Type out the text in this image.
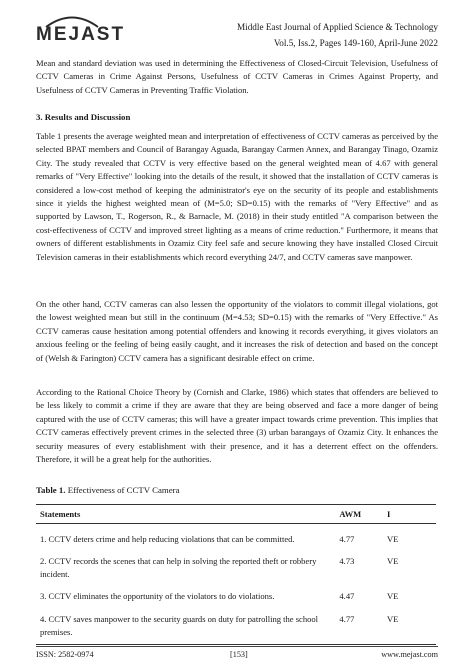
MEJAST	Middle East Journal of Applied Science & Technology
Vol.5, Iss.2, Pages 149-160, April-June 2022

Mean and standard deviation was used in determining the Effectiveness of Closed-Circuit Television, Usefulness of CCTV Cameras in Crime Against Persons, Usefulness of CCTV Cameras in Crimes Against Property, and Usefulness of CCTV Cameras in Preventing Traffic Violation.

3. Results and Discussion

Table 1 presents the average weighted mean and interpretation of effectiveness of CCTV cameras as perceived by the selected BPAT members and Council of Barangay Aguada, Barangay Carmen Annex, and Barangay Tinago, Ozamiz City. The study revealed that CCTV is very effective based on the general weighted mean of 4.67 with general remarks of "Very Effective" looking into the details of the result, it showed that the installation of CCTV cameras is considered a low-cost method of keeping the administrator's eye on the security of its people and establishments since it yields the highest weighted mean of (M=5.0; SD=0.15) with the remarks of "Very Effective" and as supported by Lawson, T., Rogerson, R., & Barnacle, M. (2018) in their study entitled "A comparison between the cost-effectiveness of CCTV and improved street lighting as a means of crime reduction." Furthermore, it means that owners of different establishments in Ozamiz City feel safe and secure knowing they have installed Closed Circuit Television cameras in their establishments which record everything 24/7, and CCTV cameras save manpower.

On the other hand, CCTV cameras can also lessen the opportunity of the violators to commit illegal violations, got the lowest weighted mean but still in the continuum (M=4.53; SD=0.15) with the remarks of "Very Effective." As CCTV cameras cause hesitation among potential offenders and knowing it records everything, it gives violators an anxious feeling or the feeling of being easily caught, and it increases the risk of detection and based on the concept of (Welsh & Farington) CCTV camera has a significant desirable effect on crime.

According to the Rational Choice Theory by (Cornish and Clarke, 1986) which states that offenders are believed to be less likely to commit a crime if they are aware that they are being observed and face a more danger of being captured with the use of CCTV cameras; this will have a greater impact towards crime prevention. This implies that CCTV cameras effectively prevent crimes in the selected three (3) urban barangays of Ozamiz City. It enhances the security measures of every establishment with their presence, and it has a deterrent effect on the offenders. Therefore, it will be a great help for the authorities.

Table 1. Effectiveness of CCTV Camera
Statements	AWM	I
1. CCTV deters crime and help reducing violations that can be committed.	4.77	VE
2. CCTV records the scenes that can help in solving the reported theft or robbery incident.	4.73	VE
3. CCTV eliminates the opportunity of the violators to do violations.	4.47	VE
4. CCTV saves manpower to the security guards on duty for patrolling the school premises.	4.77	VE
ISSN: 2582-0974	[153]	www.mejast.com
